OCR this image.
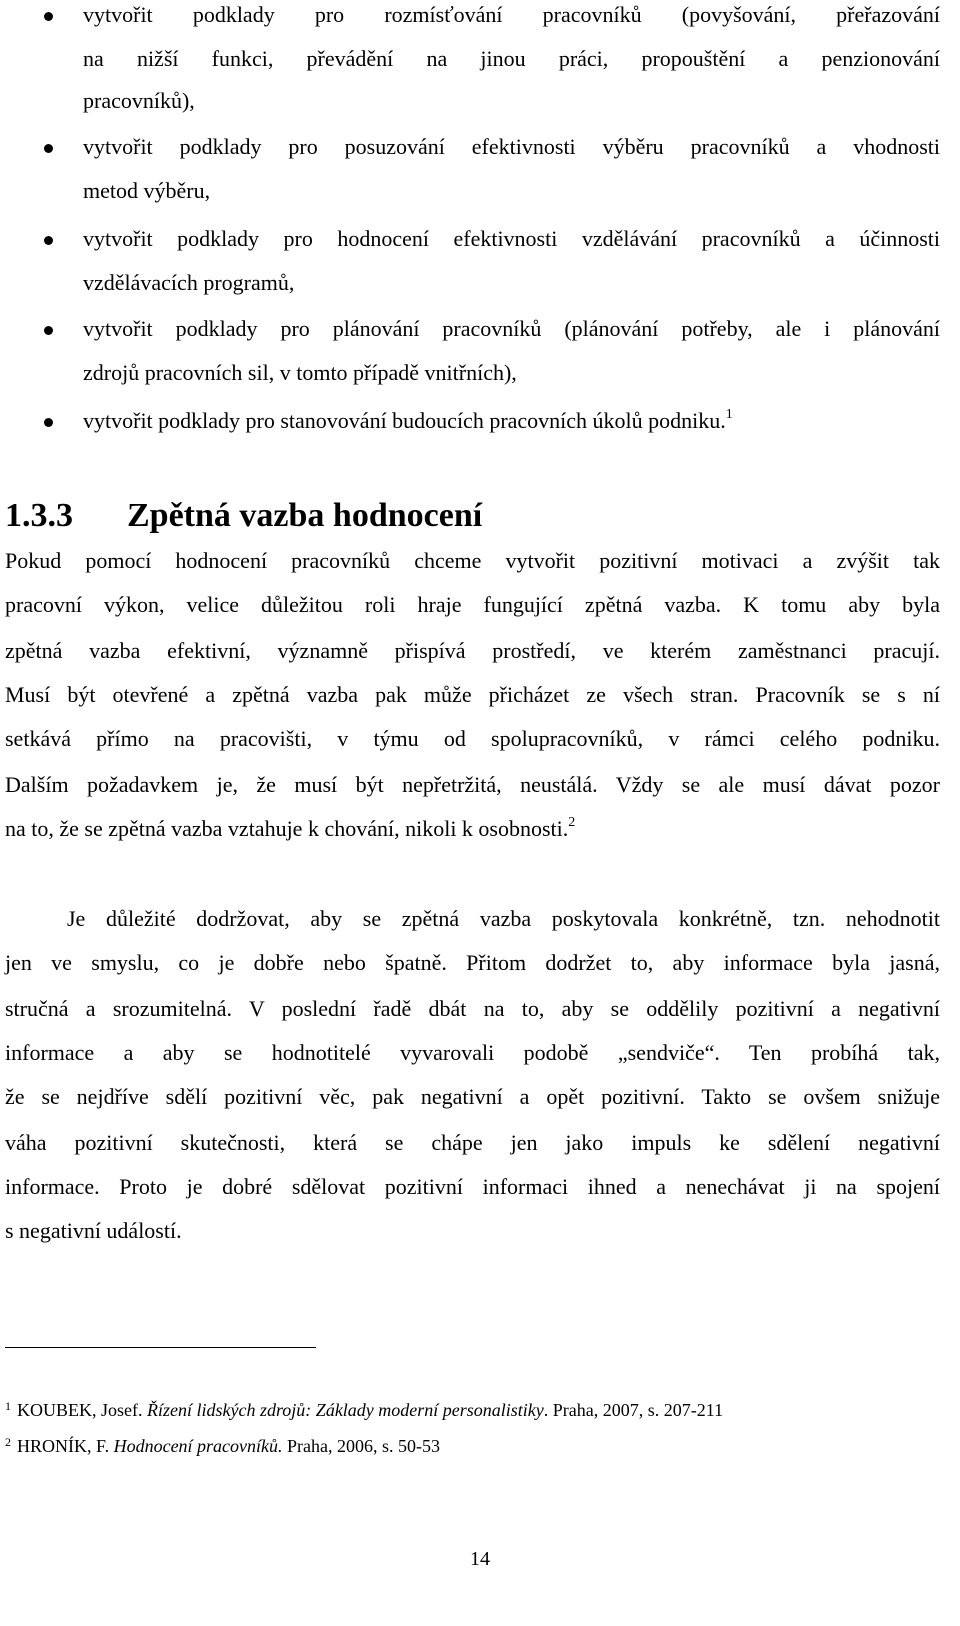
vytvořit podklady pro rozmísťování pracovníků (povyšování, přeřazování
na nižší funkci, převádění na jinou práci, propouštění a penzionování
pracovníků),
vytvořit podklady pro posuzování efektivnosti výběru pracovníků a vhodnosti
metod výběru,
vytvořit podklady pro hodnocení efektivnosti vzdělávání pracovníků a účinnosti
vzdělávacích programů,
vytvořit podklady pro plánování pracovníků (plánování potřeby, ale i plánování
zdrojů pracovních sil, v tomto případě vnitřních),
vytvořit podklady pro stanovování budoucích pracovních úkolů podniku.$^1$
1.3.3 Zpětná vazba hodnocení
Pokud pomocí hodnocení pracovníků chceme vytvořit pozitivní motivaci a zvýšit tak
pracovní výkon, velice důležitou roli hraje fungující zpětná vazba. K tomu aby byla
zpětná vazba efektivní, významně přispívá prostředí, ve kterém zaměstnanci pracují.
Musí být otevřené a zpětná vazba pak může přicházet ze všech stran. Pracovník se s ní
setkává přímo na pracovišti, v týmu od spolupracovníků, v rámci celého podniku.
Dalším požadavkem je, že musí být nepřetržitá, neustálá. Vždy se ale musí dávat pozor
na to, že se zpětná vazba vztahuje k chování, nikoli k osobnosti.$^2$
Je důležité dodržovat, aby se zpětná vazba poskytovala konkrétně, tzn. nehodnotit
jen ve smyslu, co je dobře nebo špatně. Přitom dodržet to, aby informace byla jasná,
stručná a srozumitelná. V poslední řadě dbát na to, aby se oddělily pozitivní a negativní
informace a aby se hodnotitelé vyvarovali podobě „sendviče“. Ten probíhá tak,
že se nejdříve sdělí pozitivní věc, pak negativní a opět pozitivní. Takto se ovšem snižuje
váha pozitivní skutečnosti, která se chápe jen jako impuls ke sdělení negativní
informace. Proto je dobré sdělovat pozitivní informaci ihned a nenechávat ji na spojení
s negativní událostí.
$^1$ KOUBEK, Josef. Řízení lidských zdrojů: Základy moderní personalistiky. Praha, 2007, s. 207-211
$^2$ HRONÍK, F. Hodnocení pracovníků. Praha, 2006, s. 50-53
14
